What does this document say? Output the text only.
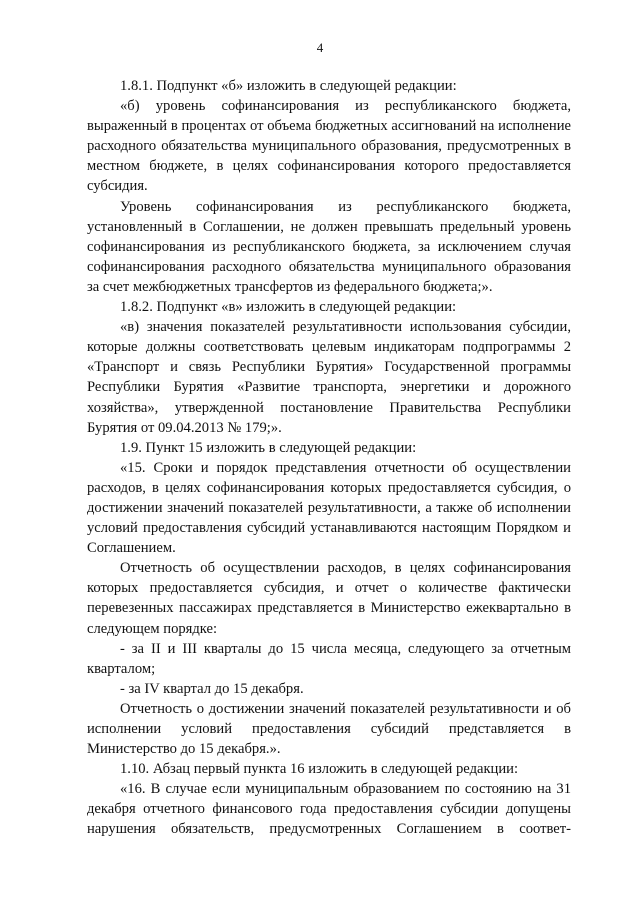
4

1.8.1. Подпункт «б» изложить в следующей редакции:

«б) уровень софинансирования из республиканского бюджета, выраженный в процентах от объема бюджетных ассигнований на исполнение расходного обязательства муниципального образования, предусмотренных в местном бюджете, в целях софинансирования которого предоставляется субсидия.

Уровень софинансирования из республиканского бюджета, установленный в Соглашении, не должен превышать предельный уровень софинансирования из республиканского бюджета, за исключением случая софинансирования расходного обязательства муниципального образования за счет межбюджетных трансфертов из федерального бюджета;».

1.8.2. Подпункт «в» изложить в следующей редакции:

«в) значения показателей результативности использования субсидии, которые должны соответствовать целевым индикаторам подпрограммы 2 «Транспорт и связь Республики Бурятия» Государственной программы Республики Бурятия «Развитие транспорта, энергетики и дорожного хозяйства», утвержденной постановление Правительства Республики Бурятия от 09.04.2013 № 179;».

1.9. Пункт 15 изложить в следующей редакции:

«15. Сроки и порядок представления отчетности об осуществлении расходов, в целях софинансирования которых предоставляется субсидия, о достижении значений показателей результативности, а также об исполнении условий предоставления субсидий устанавливаются настоящим Порядком и Соглашением.

Отчетность об осуществлении расходов, в целях софинансирования которых предоставляется субсидия, и отчет о количестве фактически перевезенных пассажирах представляется в Министерство ежеквартально в следующем порядке:

- за II и III кварталы до 15 числа месяца, следующего за отчетным кварталом;

- за IV квартал до 15 декабря.

Отчетность о достижении значений показателей результативности и об исполнении условий предоставления субсидий представляется в Министерство до 15 декабря.».

1.10. Абзац первый пункта 16 изложить в следующей редакции:

«16. В случае если муниципальным образованием по состоянию на 31 декабря отчетного финансового года предоставления субсидии допущены нарушения обязательств, предусмотренных Соглашением в соответ-
